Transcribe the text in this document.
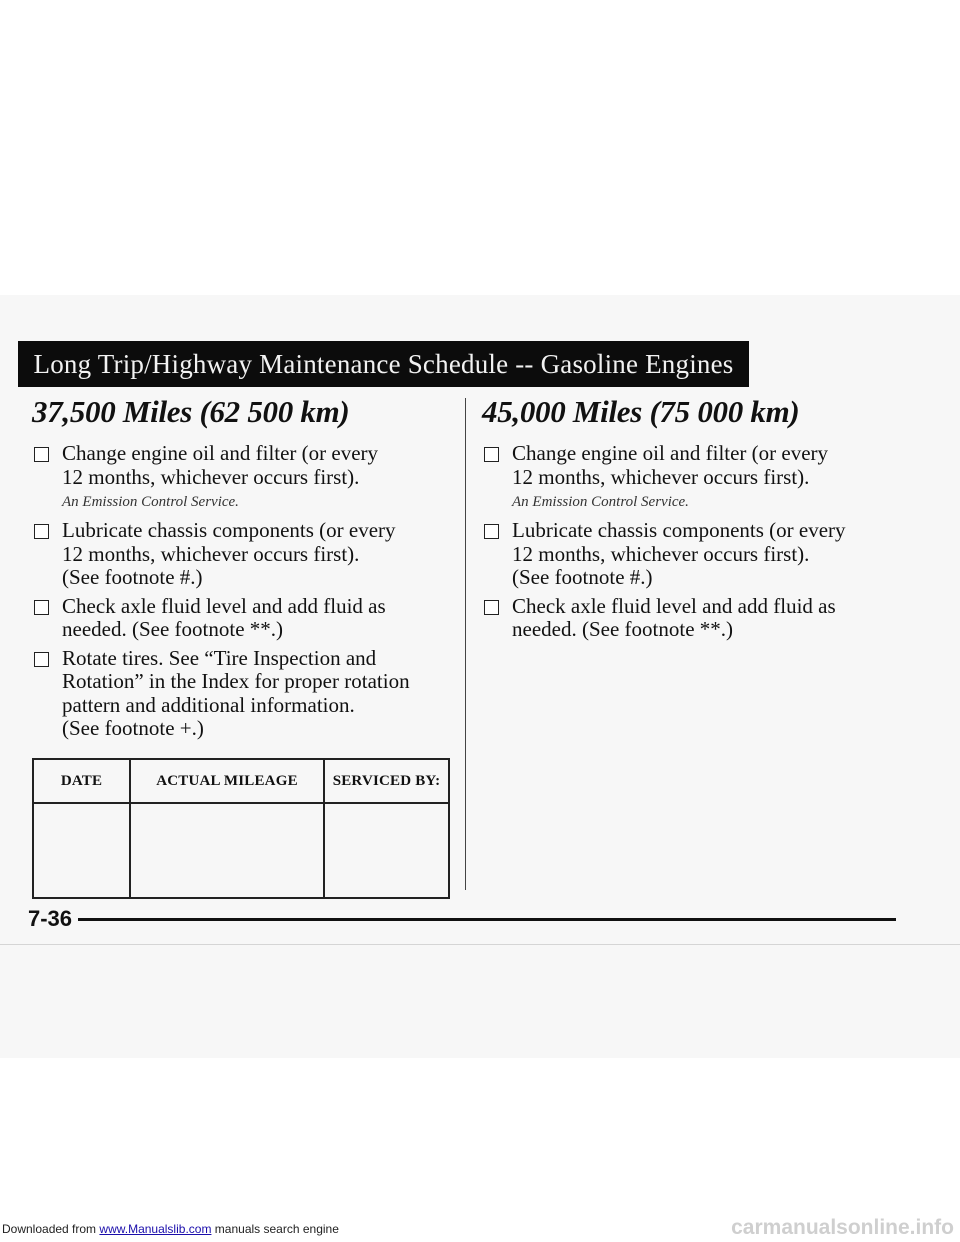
Long Trip/Highway Maintenance Schedule -- Gasoline Engines
37,500 Miles (62 500 km)
Change engine oil and filter (or every
12 months, whichever occurs first).
An Emission Control Service.
Lubricate chassis components (or every
12 months, whichever occurs first).
(See footnote #.)
Check axle fluid level and add fluid as
needed. (See footnote **.)
Rotate tires. See “Tire Inspection and
Rotation” in the Index for proper rotation
pattern and additional information.
(See footnote +.)
45,000 Miles (75 000 km)
Change engine oil and filter (or every
12 months, whichever occurs first).
An Emission Control Service.
Lubricate chassis components (or every
12 months, whichever occurs first).
(See footnote #.)
Check axle fluid level and add fluid as
needed. (See footnote **.)
DATE	ACTUAL MILEAGE	SERVICED BY:

7-36
Downloaded from www.Manualslib.com manuals search engine	carmanualsonline.info
